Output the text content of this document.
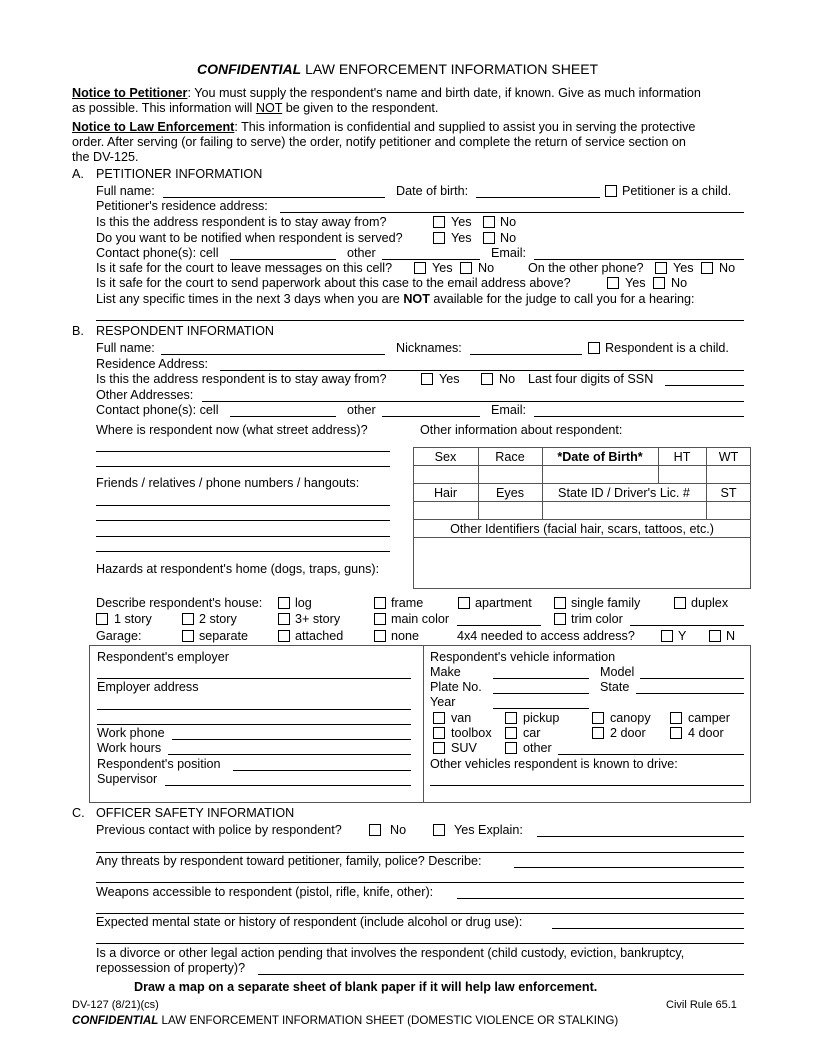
CONFIDENTIAL LAW ENFORCEMENT INFORMATION SHEET
Notice to Petitioner: You must supply the respondent's name and birth date, if known. Give as much information
as possible. This information will NOT be given to the respondent.
Notice to Law Enforcement: This information is confidential and supplied to assist you in serving the protective
order. After serving (or failing to serve) the order, notify petitioner and complete the return of service section on
the DV-125.
A. PETITIONER INFORMATION
Full name:	Date of birth:	Petitioner is a child.
Petitioner's residence address:
Is this the address respondent is to stay away from?	Yes No
Do you want to be notified when respondent is served?	Yes No
Contact phone(s): cell	other	Email:
Is it safe for the court to leave messages on this cell?	Yes No	On the other phone? Yes No
Is it safe for the court to send paperwork about this case to the email address above?	Yes No
List any specific times in the next 3 days when you are NOT available for the judge to call you for a hearing:
B. RESPONDENT INFORMATION
Full name:	Nicknames:	Respondent is a child.
Residence Address:
Is this the address respondent is to stay away from?	Yes	No Last four digits of SSN
Other Addresses:
Contact phone(s): cell	other	Email:
Where is respondent now (what street address)?	Other information about respondent:
Sex	Race	*Date of Birth*	HT	WT
Hair	Eyes	State ID / Driver's Lic. #	ST
Other Identifiers (facial hair, scars, tattoos, etc.)
Friends / relatives / phone numbers / hangouts:
Hazards at respondent's home (dogs, traps, guns):
Describe respondent's house:	log	frame	apartment	single family	duplex
1 story	2 story	3+ story	main color	trim color
Garage:	separate	attached	none	4x4 needed to access address?	Y	N
Respondent's employer
Employer address
Work phone
Work hours
Respondent's position
Supervisor
Respondent's vehicle information
Make	Model
Plate No.	State
Year
van	pickup	canopy	camper
toolbox car	2 door	4 door
SUV	other
Other vehicles respondent is known to drive:
C. OFFICER SAFETY INFORMATION
Previous contact with police by respondent?	No	Yes Explain:
Any threats by respondent toward petitioner, family, police? Describe:
Weapons accessible to respondent (pistol, rifle, knife, other):
Expected mental state or history of respondent (include alcohol or drug use):
Is a divorce or other legal action pending that involves the respondent (child custody, eviction, bankruptcy,
repossession of property)?
Draw a map on a separate sheet of blank paper if it will help law enforcement.
DV-127 (8/21)(cs)	Civil Rule 65.1
CONFIDENTIAL LAW ENFORCEMENT INFORMATION SHEET (DOMESTIC VIOLENCE OR STALKING)
